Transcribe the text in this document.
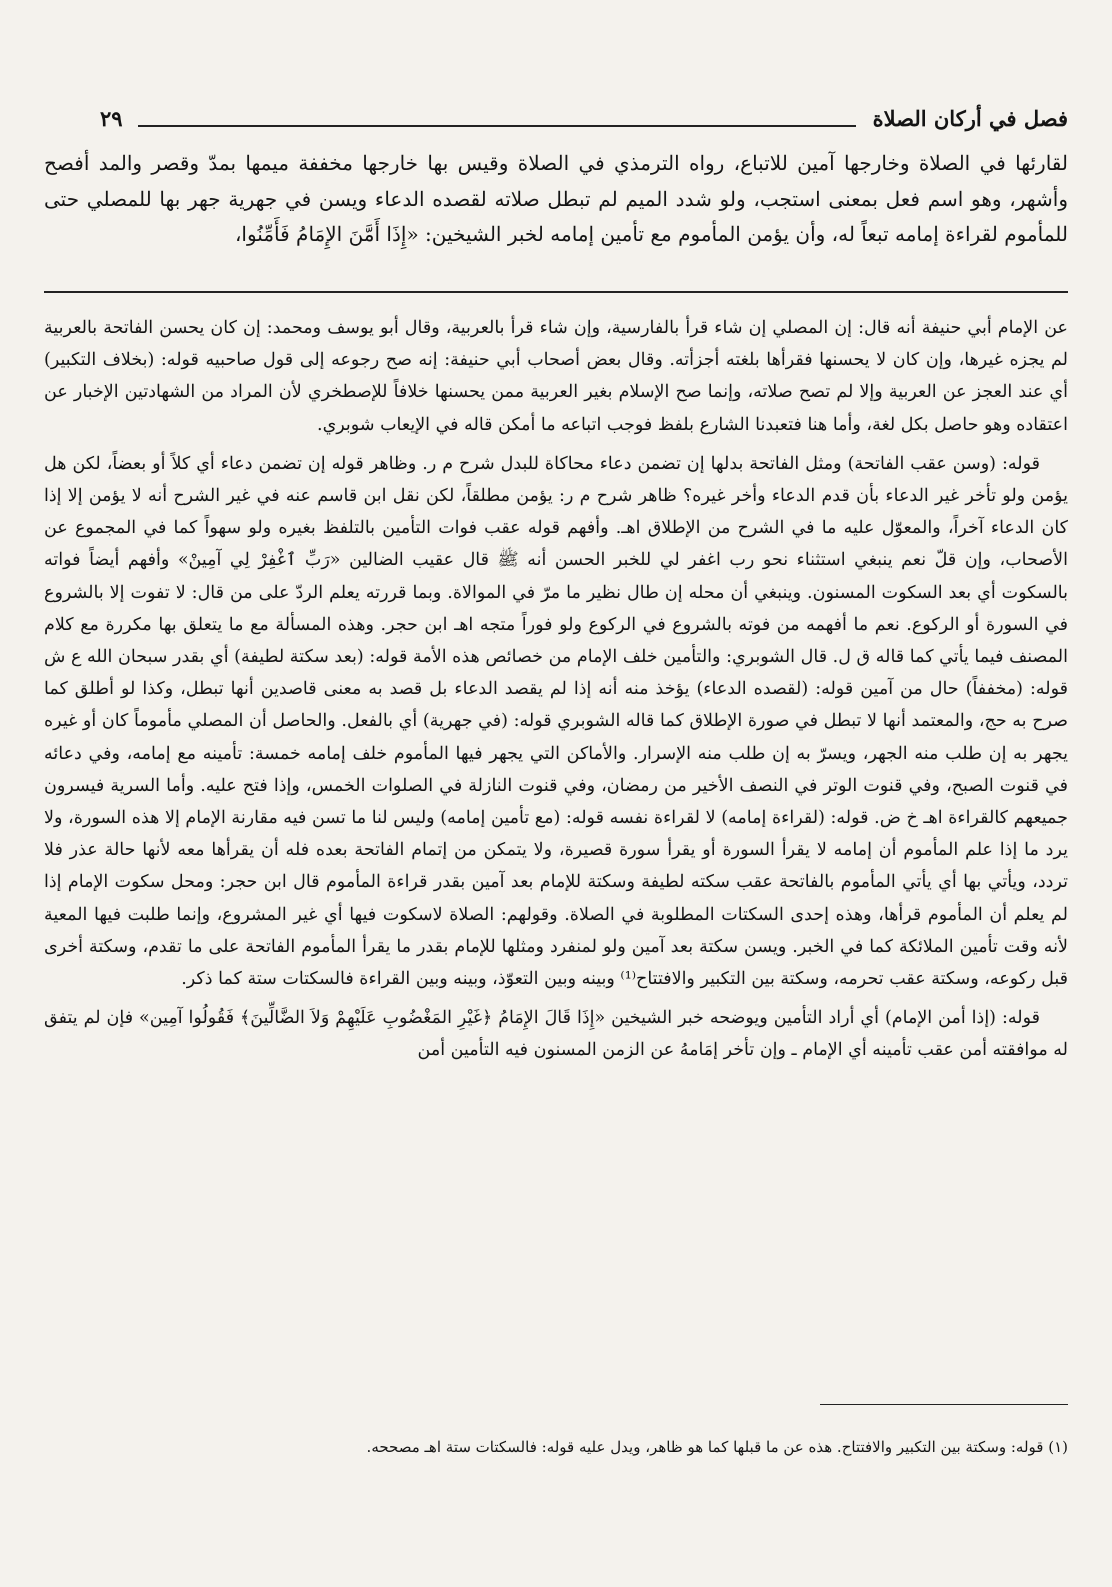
٢٩	فصل في أركان الصلاة
لقارئها في الصلاة وخارجها آمين للاتباع، رواه الترمذي في الصلاة وقيس بها خارجها مخففة ميمها بمدّ وقصر والمد أفصح وأشهر، وهو اسم فعل بمعنى استجب، ولو شدد الميم لم تبطل صلاته لقصده الدعاء ويسن في جهرية جهر بها للمصلي حتى للمأموم لقراءة إمامه تبعاً له، وأن يؤمن المأموم مع تأمين إمامه لخبر الشيخين: «إِذَا أَمَّنَ الإِمَامُ فَأَمِّنُوا،

عن الإمام أبي حنيفة أنه قال: إن المصلي إن شاء قرأ بالفارسية، وإن شاء قرأ بالعربية، وقال أبو يوسف ومحمد: إن كان يحسن الفاتحة بالعربية لم يجزه غيرها، وإن كان لا يحسنها فقرأها بلغته أجزأته. وقال بعض أصحاب أبي حنيفة: إنه صح رجوعه إلى قول صاحبيه قوله: (بخلاف التكبير) أي عند العجز عن العربية وإلا لم تصح صلاته، وإنما صح الإسلام بغير العربية ممن يحسنها خلافاً للإصطخري لأن المراد من الشهادتين الإخبار عن اعتقاده وهو حاصل بكل لغة، وأما هنا فتعبدنا الشارع بلفظ فوجب اتباعه ما أمكن قاله في الإيعاب شوبري.

قوله: (وسن عقب الفاتحة) ومثل الفاتحة بدلها إن تضمن دعاء محاكاة للبدل شرح م ر. وظاهر قوله إن تضمن دعاء أي كلاً أو بعضاً، لكن هل يؤمن ولو تأخر غير الدعاء بأن قدم الدعاء وأخر غيره؟ ظاهر شرح م ر: يؤمن مطلقاً، لكن نقل ابن قاسم عنه في غير الشرح أنه لا يؤمن إلا إذا كان الدعاء آخراً، والمعوّل عليه ما في الشرح من الإطلاق اهـ. وأفهم قوله عقب فوات التأمين بالتلفظ بغيره ولو سهواً كما في المجموع عن الأصحاب، وإن قلّ نعم ينبغي استثناء نحو رب اغفر لي للخبر الحسن أنه ﷺ قال عقيب الضالين «رَبِّ ٱغْفِرْ لِي آمِينْ» وأفهم أيضاً فواته بالسكوت أي بعد السكوت المسنون. وينبغي أن محله إن طال نظير ما مرّ في الموالاة. وبما قررته يعلم الردّ على من قال: لا تفوت إلا بالشروع في السورة أو الركوع. نعم ما أفهمه من فوته بالشروع في الركوع ولو فوراً متجه اهـ ابن حجر. وهذه المسألة مع ما يتعلق بها مكررة مع كلام المصنف فيما يأتي كما قاله ق ل. قال الشوبري: والتأمين خلف الإمام من خصائص هذه الأمة قوله: (بعد سكتة لطيفة) أي بقدر سبحان الله ع ش قوله: (مخففاً) حال من آمين قوله: (لقصده الدعاء) يؤخذ منه أنه إذا لم يقصد الدعاء بل قصد به معنى قاصدين أنها تبطل، وكذا لو أطلق كما صرح به حج، والمعتمد أنها لا تبطل في صورة الإطلاق كما قاله الشوبري قوله: (في جهرية) أي بالفعل. والحاصل أن المصلي مأموماً كان أو غيره يجهر به إن طلب منه الجهر، ويسرّ به إن طلب منه الإسرار. والأماكن التي يجهر فيها المأموم خلف إمامه خمسة: تأمينه مع إمامه، وفي دعائه في قنوت الصبح، وفي قنوت الوتر في النصف الأخير من رمضان، وفي قنوت النازلة في الصلوات الخمس، وإذا فتح عليه. وأما السرية فيسرون جميعهم كالقراءة اهـ خ ض. قوله: (لقراءة إمامه) لا لقراءة نفسه قوله: (مع تأمين إمامه) وليس لنا ما تسن فيه مقارنة الإمام إلا هذه السورة، ولا يرد ما إذا علم المأموم أن إمامه لا يقرأ السورة أو يقرأ سورة قصيرة، ولا يتمكن من إتمام الفاتحة بعده فله أن يقرأها معه لأنها حالة عذر فلا تردد، ويأتي بها أي يأتي المأموم بالفاتحة عقب سكته لطيفة وسكتة للإمام بعد آمين بقدر قراءة المأموم قال ابن حجر: ومحل سكوت الإمام إذا لم يعلم أن المأموم قرأها، وهذه إحدى السكتات المطلوبة في الصلاة. وقولهم: الصلاة لاسكوت فيها أي غير المشروع، وإنما طلبت فيها المعية لأنه وقت تأمين الملائكة كما في الخبر. ويسن سكتة بعد آمين ولو لمنفرد ومثلها للإمام بقدر ما يقرأ المأموم الفاتحة على ما تقدم، وسكتة أخرى قبل ركوعه، وسكتة عقب تحرمه، وسكتة بين التكبير والافتتاح⁽¹⁾ وبينه وبين التعوّذ، وبينه وبين القراءة فالسكتات ستة كما ذكر.

قوله: (إذا أمن الإمام) أي أراد التأمين ويوضحه خبر الشيخين «إِذَا قَالَ الإِمَامُ ﴿غَيْرِ المَغْضُوبِ عَلَيْهِمْ وَلاَ الضَّالِّينَ﴾ فَقُولُوا آمِين» فإن لم يتفق له موافقته أمن عقب تأمينه أي الإمام ـ وإن تأخر إمَامهُ عن الزمن المسنون فيه التأمين أمن

(١) قوله: وسكتة بين التكبير والافتتاح. هذه عن ما قبلها كما هو ظاهر، ويدل عليه قوله: فالسكتات ستة اهـ مصححه.
